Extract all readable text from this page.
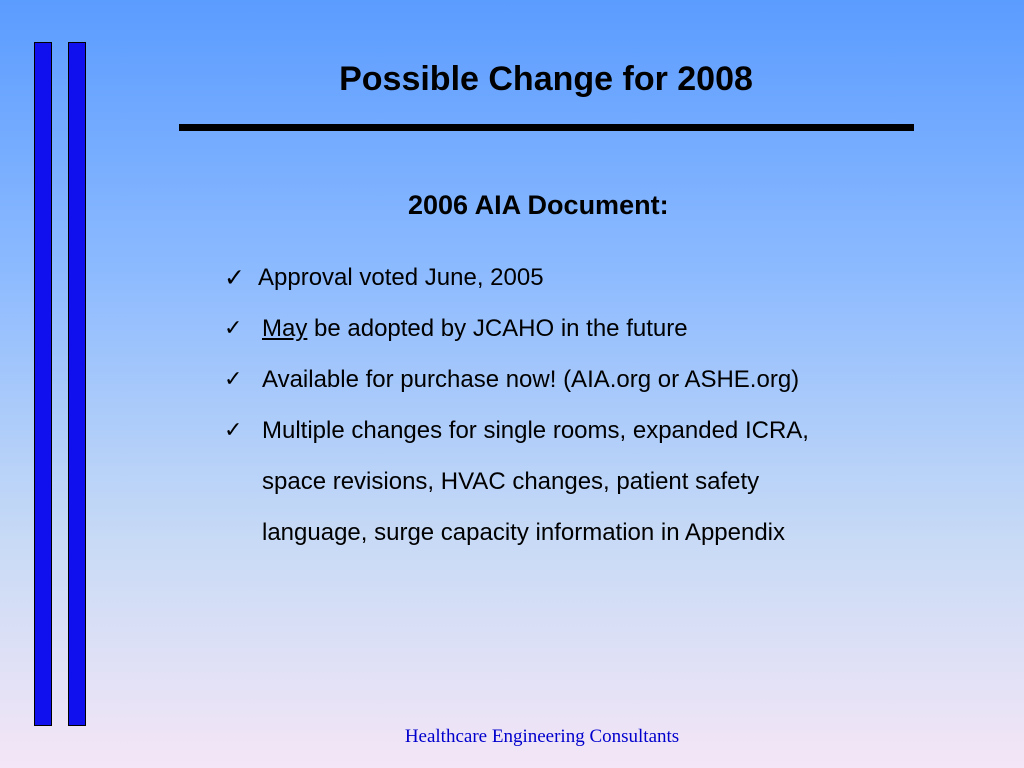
Possible Change for 2008
2006 AIA Document:
✓ Approval voted June, 2005
✓ May be adopted by JCAHO in the future
✓ Available for purchase now! (AIA.org or ASHE.org)
✓ Multiple changes for single rooms, expanded ICRA, space revisions, HVAC changes, patient safety language, surge capacity information in Appendix
Healthcare Engineering Consultants
